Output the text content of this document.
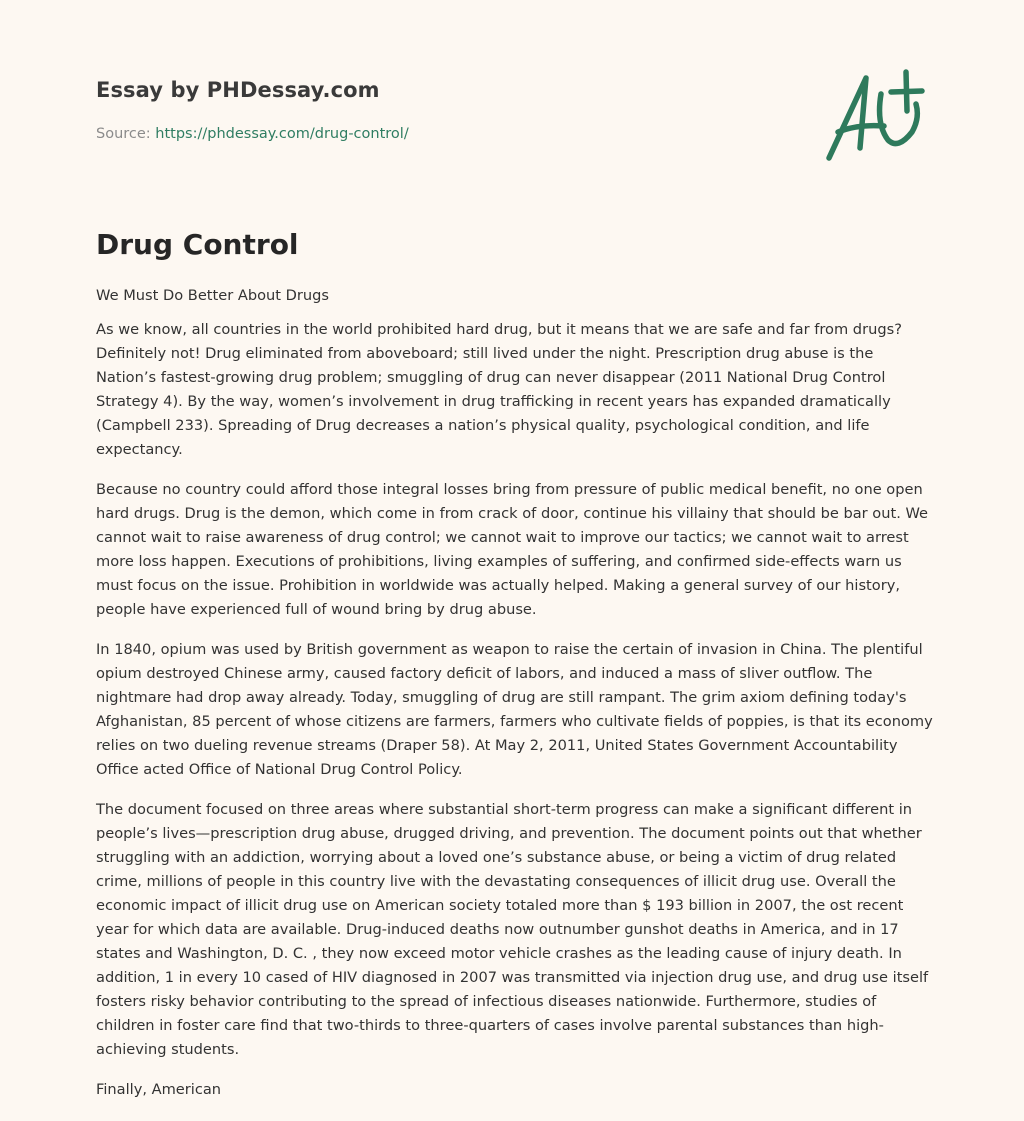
Essay by PHDessay.com
Source: https://phdessay.com/drug-control/
Drug Control

We Must Do Better About Drugs

As we know, all countries in the world prohibited hard drug, but it means that we are safe and far from drugs? Definitely not! Drug eliminated from aboveboard; still lived under the night. Prescription drug abuse is the Nation’s fastest-growing drug problem; smuggling of drug can never disappear (2011 National Drug Control Strategy 4). By the way, women’s involvement in drug trafficking in recent years has expanded dramatically (Campbell 233). Spreading of Drug decreases a nation’s physical quality, psychological condition, and life expectancy.

Because no country could afford those integral losses bring from pressure of public medical benefit, no one open hard drugs. Drug is the demon, which come in from crack of door, continue his villainy that should be bar out. We cannot wait to raise awareness of drug control; we cannot wait to improve our tactics; we cannot wait to arrest more loss happen. Executions of prohibitions, living examples of suffering, and confirmed side-effects warn us must focus on the issue. Prohibition in worldwide was actually helped. Making a general survey of our history, people have experienced full of wound bring by drug abuse.

In 1840, opium was used by British government as weapon to raise the certain of invasion in China. The plentiful opium destroyed Chinese army, caused factory deficit of labors, and induced a mass of sliver outflow. The nightmare had drop away already. Today, smuggling of drug are still rampant. The grim axiom defining today's Afghanistan, 85 percent of whose citizens are farmers, farmers who cultivate fields of poppies, is that its economy relies on two dueling revenue streams (Draper 58). At May 2, 2011, United States Government Accountability Office acted Office of National Drug Control Policy.

The document focused on three areas where substantial short-term progress can make a significant different in people’s lives—prescription drug abuse, drugged driving, and prevention. The document points out that whether struggling with an addiction, worrying about a loved one’s substance abuse, or being a victim of drug related crime, millions of people in this country live with the devastating consequences of illicit drug use. Overall the economic impact of illicit drug use on American society totaled more than $ 193 billion in 2007, the ost recent year for which data are available. Drug-induced deaths now outnumber gunshot deaths in America, and in 17 states and Washington, D. C. , they now exceed motor vehicle crashes as the leading cause of injury death. In addition, 1 in every 10 cased of HIV diagnosed in 2007 was transmitted via injection drug use, and drug use itself fosters risky behavior contributing to the spread of infectious diseases nationwide. Furthermore, studies of children in foster care find that two-thirds to three-quarters of cases involve parental substances than high-achieving students.

Finally, American
